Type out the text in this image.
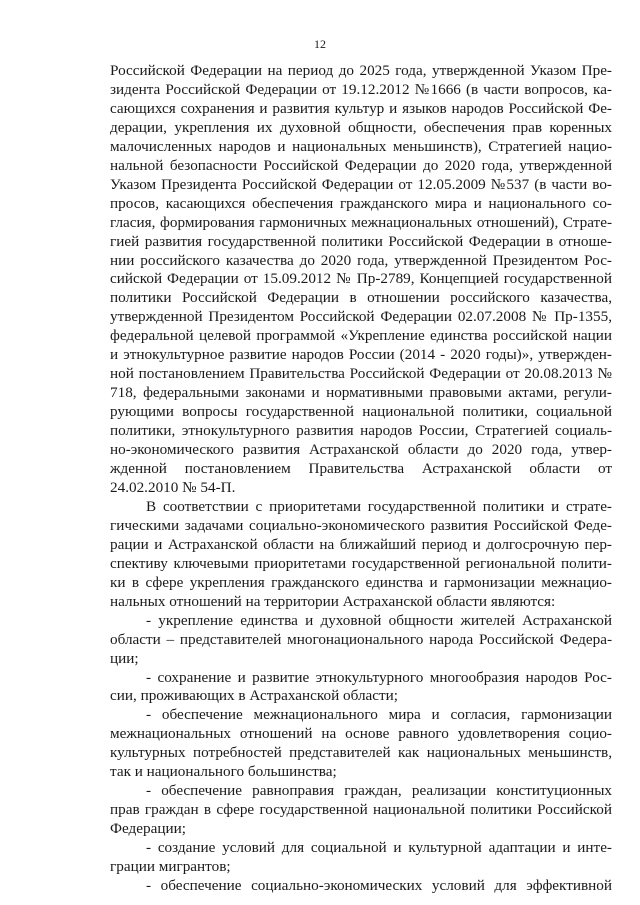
12
Российской Федерации на период до 2025 года, утвержденной Указом Пре-
зидента Российской Федерации от 19.12.2012 №1666 (в части вопросов, ка-
сающихся сохранения и развития культур и языков народов Российской Фе-
дерации, укрепления их духовной общности, обеспечения прав коренных
малочисленных народов и национальных меньшинств), Стратегией нацио-
нальной безопасности Российской Федерации до 2020 года, утвержденной
Указом Президента Российской Федерации от 12.05.2009 №537 (в части во-
просов, касающихся обеспечения гражданского мира и национального со-
гласия, формирования гармоничных межнациональных отношений), Страте-
гией развития государственной политики Российской Федерации в отноше-
нии российского казачества до 2020 года, утвержденной Президентом Рос-
сийской Федерации от 15.09.2012 № Пр-2789, Концепцией государственной
политики Российской Федерации в отношении российского казачества,
утвержденной Президентом Российской Федерации 02.07.2008 № Пр-1355,
федеральной целевой программой «Укрепление единства российской нации
и этнокультурное развитие народов России (2014 - 2020 годы)», утвержден-
ной постановлением Правительства Российской Федерации от 20.08.2013 №
718, федеральными законами и нормативными правовыми актами, регули-
рующими вопросы государственной национальной политики, социальной
политики, этнокультурного развития народов России, Стратегией социаль-
но-экономического развития Астраханской области до 2020 года, утвер-
жденной постановлением Правительства Астраханской области от
24.02.2010 № 54-П.
В соответствии с приоритетами государственной политики и страте-
гическими задачами социально-экономического развития Российской Феде-
рации и Астраханской области на ближайший период и долгосрочную пер-
спективу ключевыми приоритетами государственной региональной полити-
ки в сфере укрепления гражданского единства и гармонизации межнацио-
нальных отношений на территории Астраханской области являются:
- укрепление единства и духовной общности жителей Астраханской
области – представителей многонационального народа Российской Федера-
ции;
- сохранение и развитие этнокультурного многообразия народов Рос-
сии, проживающих в Астраханской области;
- обеспечение межнационального мира и согласия, гармонизации
межнациональных отношений на основе равного удовлетворения социо-
культурных потребностей представителей как национальных меньшинств,
так и национального большинства;
- обеспечение равноправия граждан, реализации конституционных
прав граждан в сфере государственной национальной политики Российской
Федерации;
- создание условий для социальной и культурной адаптации и инте-
грации мигрантов;
- обеспечение социально-экономических условий для эффективной
